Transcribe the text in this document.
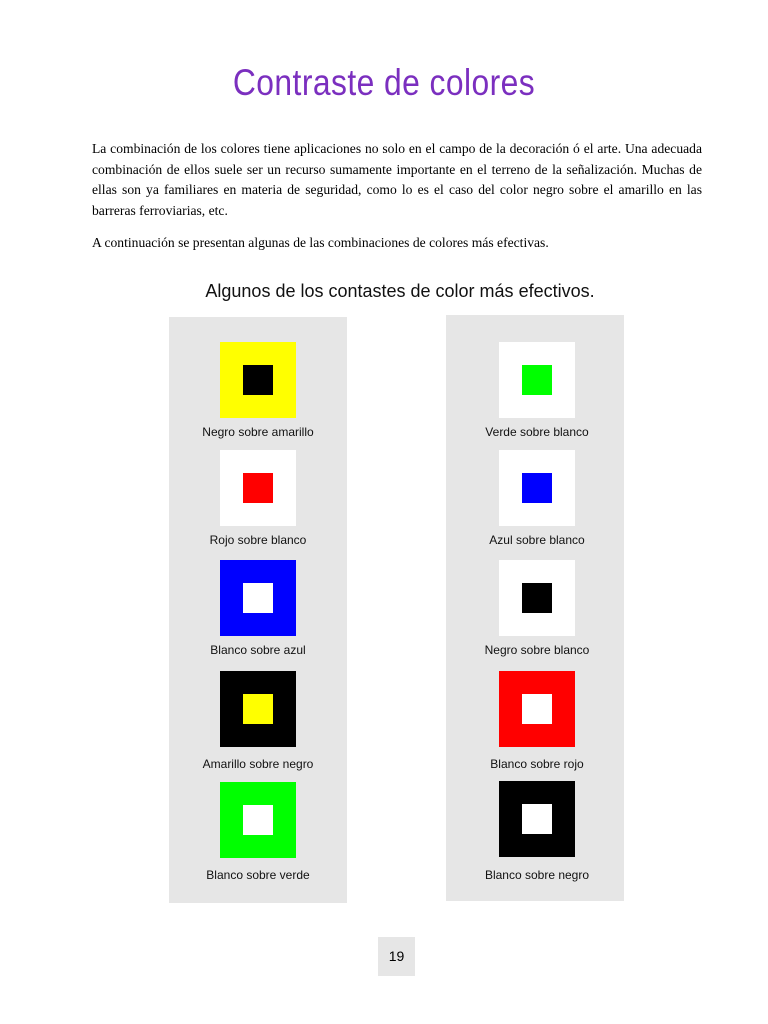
Contraste de colores

La combinación de los colores tiene aplicaciones no solo en el campo de la decoración ó el arte. Una adecuada combinación de ellos suele ser un recurso sumamente importante en el terreno de la señalización. Muchas de ellas son ya familiares en materia de seguridad, como lo es el caso del color negro sobre el amarillo en las barreras ferroviarias, etc.

A continuación se presentan algunas de las combinaciones de colores más efectivas.

Algunos de los contastes de color más efectivos.
Negro sobre amarillo
Rojo sobre blanco
Blanco sobre azul
Amarillo sobre negro
Blanco sobre verde
Verde sobre blanco
Azul sobre blanco
Negro sobre blanco
Blanco sobre rojo
Blanco sobre negro
19
